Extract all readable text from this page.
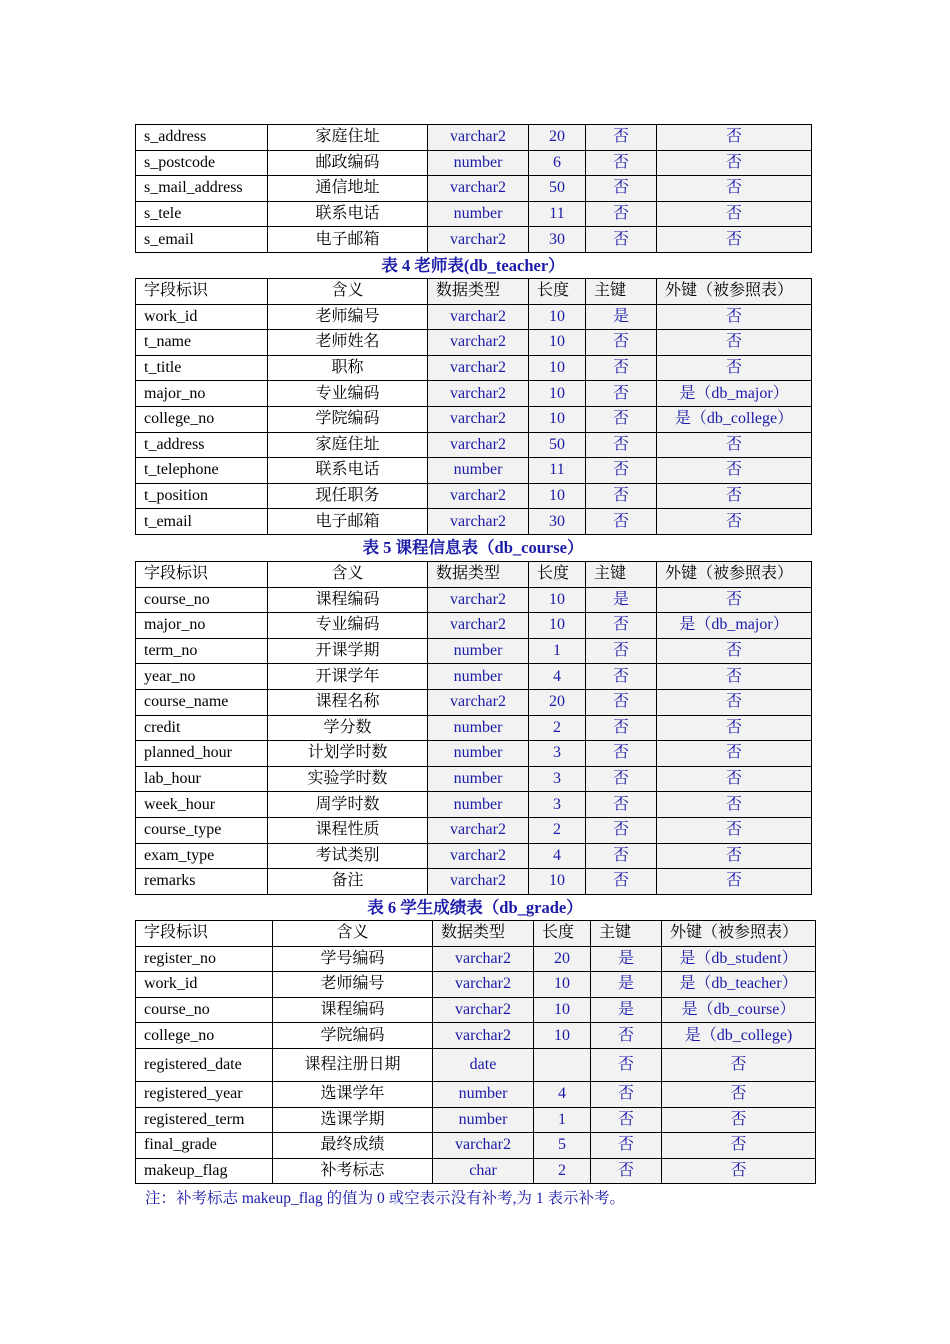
s_address	家庭住址	varchar2	20	否	否
s_postcode	邮政编码	number	6	否	否
s_mail_address	通信地址	varchar2	50	否	否
s_tele	联系电话	number	11	否	否
s_email	电子邮箱	varchar2	30	否	否
表 4 老师表(db_teacher）
字段标识	含义	数据类型	长度	主键	外键（被参照表）
work_id	老师编号	varchar2	10	是	否
t_name	老师姓名	varchar2	10	否	否
t_title	职称	varchar2	10	否	否
major_no	专业编码	varchar2	10	否	是（db_major）
college_no	学院编码	varchar2	10	否	是（db_college）
t_address	家庭住址	varchar2	50	否	否
t_telephone	联系电话	number	11	否	否
t_position	现任职务	varchar2	10	否	否
t_email	电子邮箱	varchar2	30	否	否
表 5 课程信息表（db_course）
字段标识	含义	数据类型	长度	主键	外键（被参照表）
course_no	课程编码	varchar2	10	是	否
major_no	专业编码	varchar2	10	否	是（db_major）
term_no	开课学期	number	1	否	否
year_no	开课学年	number	4	否	否
course_name	课程名称	varchar2	20	否	否
credit	学分数	number	2	否	否
planned_hour	计划学时数	number	3	否	否
lab_hour	实验学时数	number	3	否	否
week_hour	周学时数	number	3	否	否
course_type	课程性质	varchar2	2	否	否
exam_type	考试类别	varchar2	4	否	否
remarks	备注	varchar2	10	否	否
表 6 学生成绩表（db_grade）
字段标识	含义	数据类型	长度	主键	外键（被参照表）
register_no	学号编码	varchar2	20	是	是（db_student）
work_id	老师编号	varchar2	10	是	是（db_teacher）
course_no	课程编码	varchar2	10	是	是（db_course）
college_no	学院编码	varchar2	10	否	是（db_college)
registered_date	课程注册日期	date		否	否
registered_year	选课学年	number	4	否	否
registered_term	选课学期	number	1	否	否
final_grade	最终成绩	varchar2	5	否	否
makeup_flag	补考标志	char	2	否	否
注：补考标志 makeup_flag 的值为 0 或空表示没有补考,为 1 表示补考。
